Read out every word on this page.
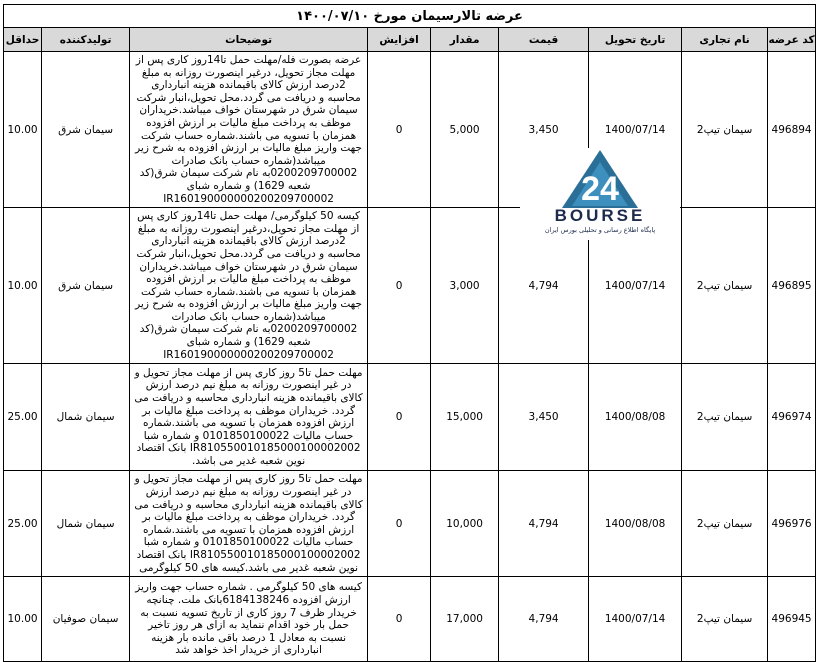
عرضه تالارسیمان مورخ ۱۴۰۰/۰۷/۱۰								
کد عرضه	نام تجاری	تاریخ تحویل	قیمت	مقدار	افزایش	توضیحات	تولیدکننده	حداقل
496894	سیمان تیپ2	1400/07/14	3,450	5,000	0	عرضه بصورت فله/مهلت حمل تا14روز کاری پس از مهلت مجاز تحویل، درغیر اینصورت روزانه به مبلغ 2درصد ارزش کالای باقیمانده هزینه انبارداری محاسبه و دریافت می گردد.محل تحویل،انبار شرکت سیمان شرق در شهرستان خواف میباشد.خریداران موظف به پرداخت مبلغ مالیات بر ارزش افزوده همزمان با تسویه می باشند.شماره حساب شرکت جهت واریز مبلغ مالیات بر ارزش افزوده به شرح زیر میباشد(شماره حساب بانک صادرات 0200209700002به نام شرکت سیمان شرق(کد شعبه 1629) و شماره شبای IR160190000000200209700002	سیمان شرق	10.00
496895	سیمان تیپ2	1400/07/14	4,794	3,000	0	کیسه 50 کیلوگرمی/ مهلت حمل تا14روز کاری پس از مهلت مجاز تحویل،درغیر اینصورت روزانه به مبلغ 2درصد ارزش کالای باقیمانده هزینه انبارداری محاسبه و دریافت می گردد.محل تحویل،انبار شرکت سیمان شرق در شهرستان خواف میباشد.خریداران موظف به پرداخت مبلغ مالیات بر ارزش افزوده همزمان با تسویه می باشند.شماره حساب شرکت جهت واریز مبلغ مالیات بر ارزش افزوده به شرح زیر میباشد(شماره حساب بانک صادرات 0200209700002به نام شرکت سیمان شرق(کد شعبه 1629) و شماره شبای IR160190000000200209700002	سیمان شرق	10.00
496974	سیمان تیپ2	1400/08/08	3,450	15,000	0	مهلت حمل تا5 روز کاری پس از مهلت مجاز تحویل و در غیر اینصورت روزانه به مبلغ نیم درصد ارزش کالای باقیمانده هزینه انبارداری محاسبه و دریافت می گردد. خریداران موظف به پرداخت مبلغ مالیات بر ارزش افزوده همزمان با تسویه می باشند.شماره حساب مالیات 0101850100022 و شماره شبا IR810550010185000100002002 بانک اقتصاد نوین شعبه غدیر می باشد.	سیمان شمال	25.00
496976	سیمان تیپ2	1400/08/08	4,794	10,000	0	مهلت حمل تا5 روز کاری پس از مهلت مجاز تحویل و در غیر اینصورت روزانه به مبلغ نیم درصد ارزش کالای باقیمانده هزینه انبارداری محاسبه و دریافت می گردد. خریداران موظف به پرداخت مبلغ مالیات بر ارزش افزوده همزمان با تسویه می باشند.شماره حساب مالیات 0101850100022 و شماره شبا IR810550010185000100002002 بانک اقتصاد نوین شعبه غدیر می باشد.کیسه های 50 کیلوگرمی	سیمان شمال	25.00
496945	سیمان تیپ2	1400/07/14	4,794	17,000	0	کیسه های 50 کیلوگرمی . شماره حساب جهت واریز ارزش افزوده 6184138246بانک ملت. چنانچه خریدار ظرف 7 روز کاری از تاریخ تسویه نسبت به حمل بار خود اقدام ننماید به ازای هر روز تاخیر نسبت به معادل 1 درصد باقی مانده بار هزینه انبارداری از خریدار اخذ خواهد شد	سیمان صوفیان	10.00
24
BOURSE
پایگاه اطلاع رسانی و تحلیلی بورس ایران
